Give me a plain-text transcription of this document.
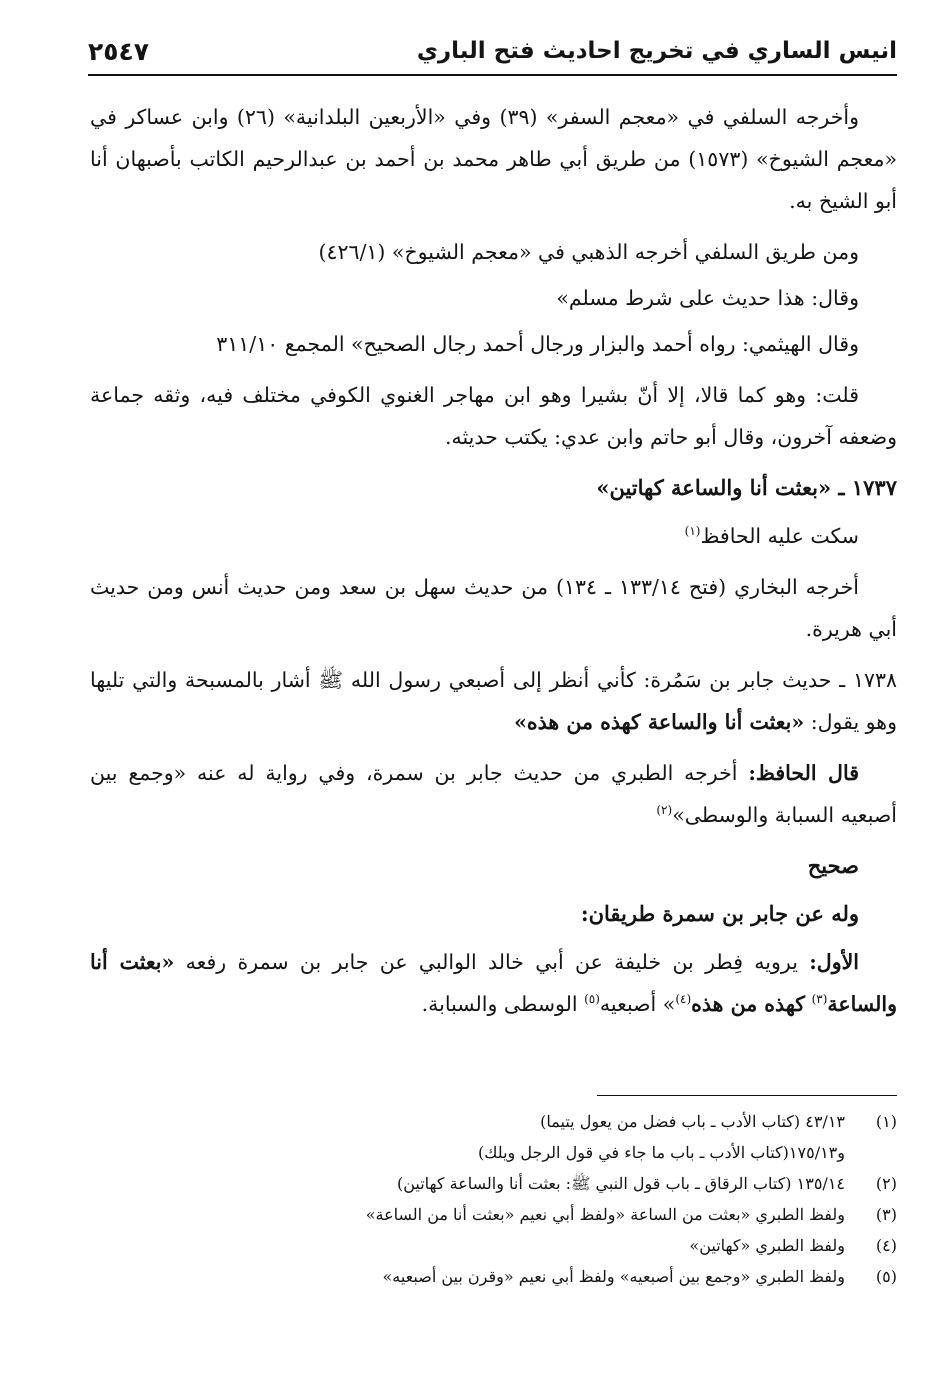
انيس الساري في تخريج احاديث فتح الباري
٢٥٤٧

وأخرجه السلفي في «معجم السفر» (٣٩) وفي «الأربعين البلدانية» (٢٦) وابن عساكر في «معجم الشيوخ» (١٥٧٣) من طريق أبي طاهر محمد بن أحمد بن عبدالرحيم الكاتب بأصبهان أنا أبو الشيخ به.

ومن طريق السلفي أخرجه الذهبي في «معجم الشيوخ» (٤٢٦/١)

وقال: هذا حديث على شرط مسلم»

وقال الهيثمي: رواه أحمد والبزار ورجال أحمد رجال الصحيح» المجمع ٣١١/١٠

قلت: وهو كما قالا، إلا أنّ بشيرا وهو ابن مهاجر الغنوي الكوفي مختلف فيه، وثقه جماعة وضعفه آخرون، وقال أبو حاتم وابن عدي: يكتب حديثه.

١٧٣٧ ـ «بعثت أنا والساعة كهاتين»

سكت عليه الحافظ$^{(١)}$

أخرجه البخاري (فتح ١٣٣/١٤ ـ ١٣٤) من حديث سهل بن سعد ومن حديث أنس ومن حديث أبي هريرة.

١٧٣٨ ـ حديث جابر بن سَمُرة: كأني أنظر إلى أصبعي رسول الله ﷺ أشار بالمسبحة والتي تليها وهو يقول: «بعثت أنا والساعة كهذه من هذه»

قال الحافظ: أخرجه الطبري من حديث جابر بن سمرة، وفي رواية له عنه «وجمع بين أصبعيه السبابة والوسطى»$^{(٢)}$

صحيح

وله عن جابر بن سمرة طريقان:

الأول: يرويه فِطر بن خليفة عن أبي خالد الوالبي عن جابر بن سمرة رفعه «بعثت أنا والساعة$^{(٣)}$ كهذه من هذه$^{(٤)}$» أصبعيه$^{(٥)}$ الوسطى والسبابة.

(١)
٤٣/١٣ (كتاب الأدب ـ باب فضل من يعول يتيما)
و١٧٥/١٣(كتاب الأدب ـ باب ما جاء في قول الرجل ويلك)
(٢)
١٣٥/١٤ (كتاب الرقاق ـ باب قول النبي ﷺ: بعثت أنا والساعة كهاتين)
(٣)
ولفظ الطبري «بعثت من الساعة «ولفظ أبي نعيم «بعثت أنا من الساعة»
(٤)
ولفظ الطبري «كهاتين»
(٥)
ولفظ الطبري «وجمع بين أصبعيه» ولفظ أبي نعيم «وقرن بين أصبعيه»
